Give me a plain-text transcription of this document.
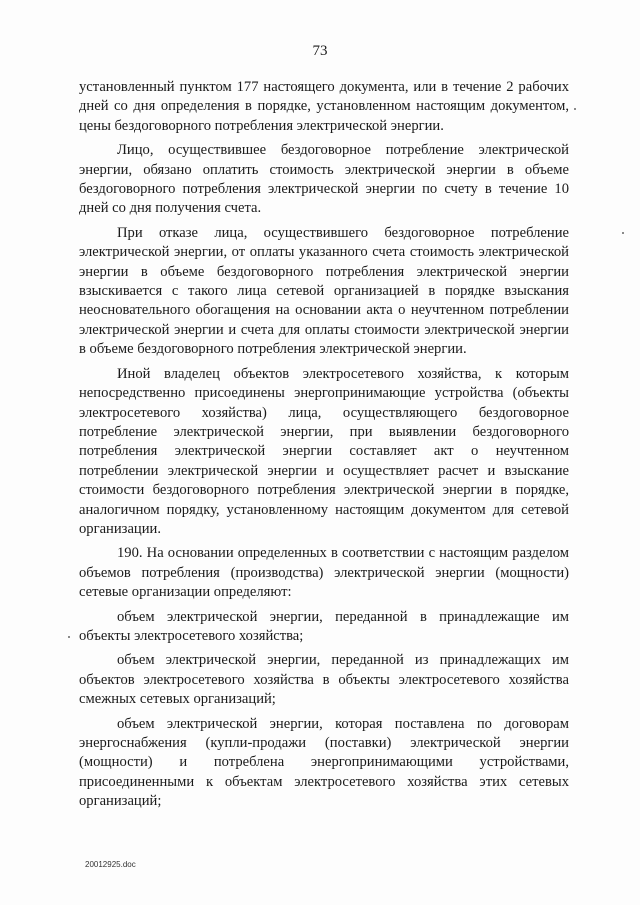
73

установленный пунктом 177 настоящего документа, или в течение 2 рабочих дней со дня определения в порядке, установленном настоящим документом, цены бездоговорного потребления электрической энергии.

Лицо, осуществившее бездоговорное потребление электрической энергии, обязано оплатить стоимость электрической энергии в объеме бездоговорного потребления электрической энергии по счету в течение 10 дней со дня получения счета.

При отказе лица, осуществившего бездоговорное потребление электрической энергии, от оплаты указанного счета стоимость электрической энергии в объеме бездоговорного потребления электрической энергии взыскивается с такого лица сетевой организацией в порядке взыскания неосновательного обогащения на основании акта о неучтенном потреблении электрической энергии и счета для оплаты стоимости электрической энергии в объеме бездоговорного потребления электрической энергии.

Иной владелец объектов электросетевого хозяйства, к которым непосредственно присоединены энергопринимающие устройства (объекты электросетевого хозяйства) лица, осуществляющего бездоговорное потребление электрической энергии, при выявлении бездоговорного потребления электрической энергии составляет акт о неучтенном потреблении электрической энергии и осуществляет расчет и взыскание стоимости бездоговорного потребления электрической энергии в порядке, аналогичном порядку, установленному настоящим документом для сетевой организации.

190. На основании определенных в соответствии с настоящим разделом объемов потребления (производства) электрической энергии (мощности) сетевые организации определяют:

объем электрической энергии, переданной в принадлежащие им объекты электросетевого хозяйства;

объем электрической энергии, переданной из принадлежащих им объектов электросетевого хозяйства в объекты электросетевого хозяйства смежных сетевых организаций;

объем электрической энергии, которая поставлена по договорам энергоснабжения (купли-продажи (поставки) электрической энергии (мощности) и потреблена энергопринимающими устройствами, присоединенными к объектам электросетевого хозяйства этих сетевых организаций;

20012925.doc
